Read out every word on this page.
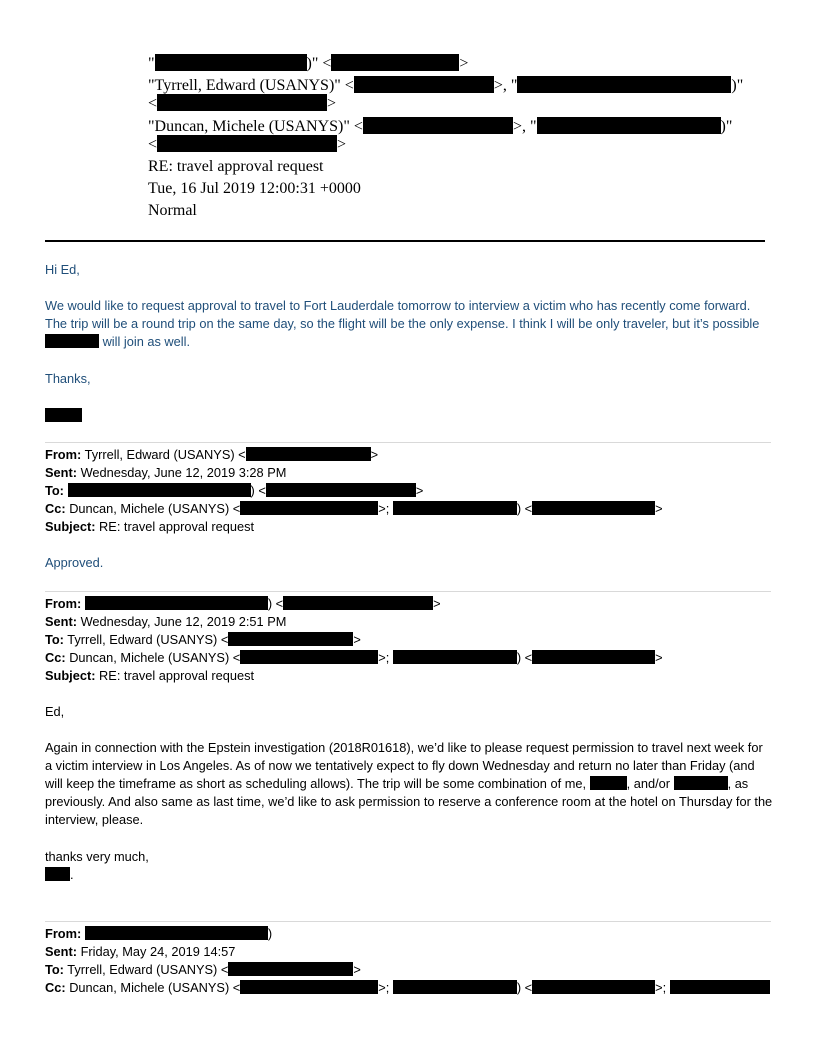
"	)" <	>
"Tyrrell, Edward (USANYS)" <	>, "	)"
<	>
"Duncan, Michele (USANYS)" <	>, "	)"
<	>
RE: travel approval request
Tue, 16 Jul 2019 12:00:31 +0000
Normal
Hi Ed,
We would like to request approval to travel to Fort Lauderdale tomorrow to interview a victim who has recently come forward. The trip will be a round trip on the same day, so the flight will be the only expense. I think I will be only traveler, but it’s possible  will join as well.
Thanks,
From: Tyrrell, Edward (USANYS) <	>
Sent: Wednesday, June 12, 2019 3:28 PM
To:	) <	>
Cc: Duncan, Michele (USANYS) <	>;	) <	>
Subject: RE: travel approval request
Approved.
From:	) <	>
Sent: Wednesday, June 12, 2019 2:51 PM
To: Tyrrell, Edward (USANYS) <	>
Cc: Duncan, Michele (USANYS) <	>;	) <	>
Subject: RE: travel approval request
Ed,
Again in connection with the Epstein investigation (2018R01618), we’d like to please request permission to travel next week for a victim interview in Los Angeles. As of now we tentatively expect to fly down Wednesday and return no later than Friday (and will keep the timeframe as short as scheduling allows). The trip will be some combination of me,	, and/or	, as previously. And also same as last time, we’d like to ask permission to reserve a conference room at the hotel on Thursday for the interview, please.
thanks very much,
.
From:	)
Sent: Friday, May 24, 2019 14:57
To: Tyrrell, Edward (USANYS) <	>
Cc: Duncan, Michele (USANYS) <	>;	) <	>;
